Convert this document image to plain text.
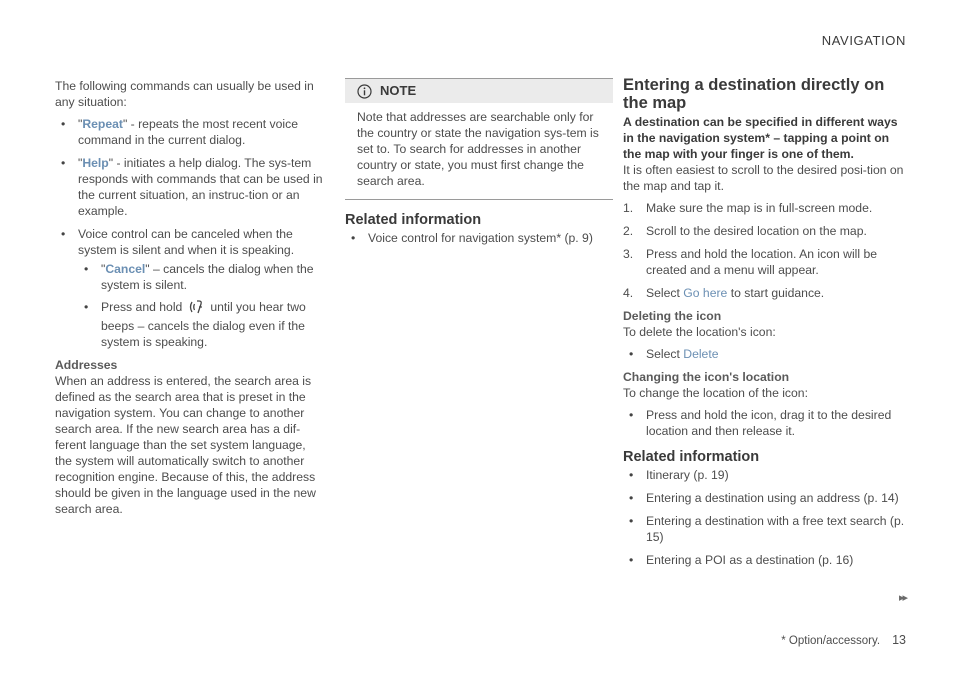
NAVIGATION

The following commands can usually be used in any situation:

• "Repeat" - repeats the most recent voice command in the current dialog.
• "Help" - initiates a help dialog. The sys-tem responds with commands that can be used in the current situation, an instruc-tion or an example.
• Voice control can be canceled when the system is silent and when it is speaking.
• "Cancel" – cancels the dialog when the system is silent.
• Press and hold until you hear two beeps – cancels the dialog even if the system is speaking.

Addresses

When an address is entered, the search area is defined as the search area that is preset in the navigation system. You can change to another search area. If the new search area has a dif-ferent language than the set system language, the system will automatically switch to another recognition engine. Because of this, the address should be given in the language used in the new search area.

NOTE
Note that addresses are searchable only for the country or state the navigation sys-tem is set to. To search for addresses in another country or state, you must first change the search area.

Related information

• Voice control for navigation system* (p. 9)

Entering a destination directly on the map

A destination can be specified in different ways in the navigation system* – tapping a point on the map with your finger is one of them.

It is often easiest to scroll to the desired posi-tion on the map and tap it.

1. Make sure the map is in full-screen mode.
2. Scroll to the desired location on the map.
3. Press and hold the location. An icon will be created and a menu will appear.
4. Select Go here to start guidance.

Deleting the icon

To delete the location's icon:

• Select Delete

Changing the icon's location

To change the location of the icon:

• Press and hold the icon, drag it to the desired location and then release it.

Related information

• Itinerary (p. 19)
• Entering a destination using an address (p. 14)
• Entering a destination with a free text search (p. 15)
• Entering a POI as a destination (p. 16)
▸▸
* Option/accessory. 13
